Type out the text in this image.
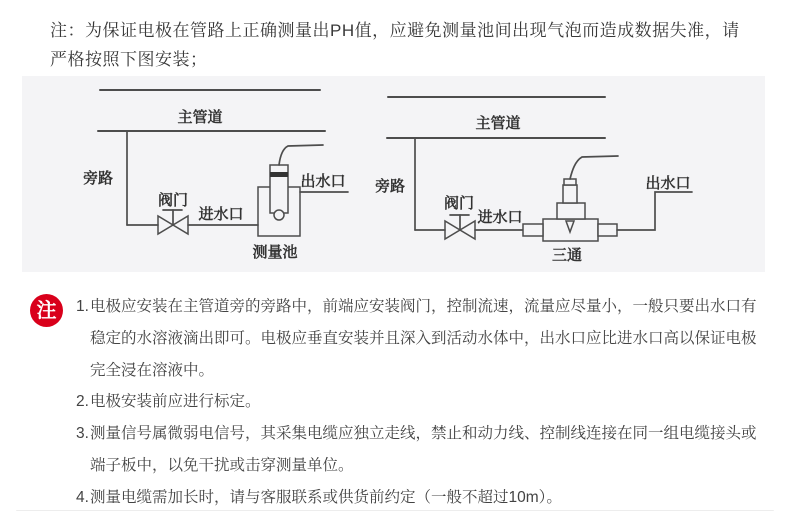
注：为保证电极在管路上正确测量出PH值，应避免测量池间出现气泡而造成数据失准，请严格按照下图安装；
主管道
旁路
阀门
进水口
出水口
测量池
主管道
旁路
阀门
进水口
出水口
三通
注	1. 电极应安装在主管道旁的旁路中，前端应安装阀门，控制流速，流量应尽量小，一般只要出水口有稳定的水溶液滴出即可。电极应垂直安装并且深入到活动水体中，出水口应比进水口高以保证电极完全浸在溶液中。
2. 电极安装前应进行标定。
3. 测量信号属微弱电信号，其采集电缆应独立走线，禁止和动力线、控制线连接在同一组电缆接头或端子板中，以免干扰或击穿测量单位。
4. 测量电缆需加长时，请与客服联系或供货前约定（一般不超过10m）。
